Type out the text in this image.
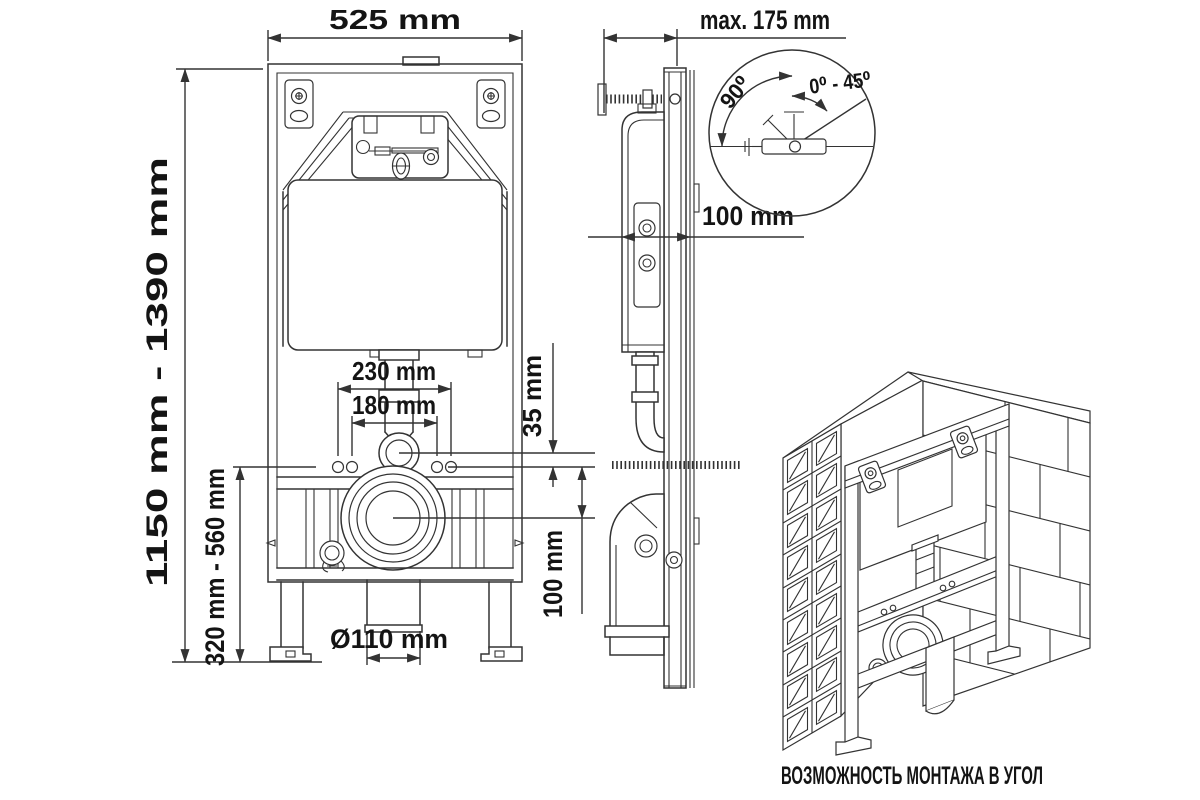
525 mm
1150 mm - 1390 mm 320 mm - 560 mm
230 mm
180 mm	35 mm
100 mm
Ø110 mm
max. 175 mm
100 mm
90⁰ 0⁰ - 45⁰
ВОЗМОЖНОСТЬ МОНТАЖА В УГОЛ
